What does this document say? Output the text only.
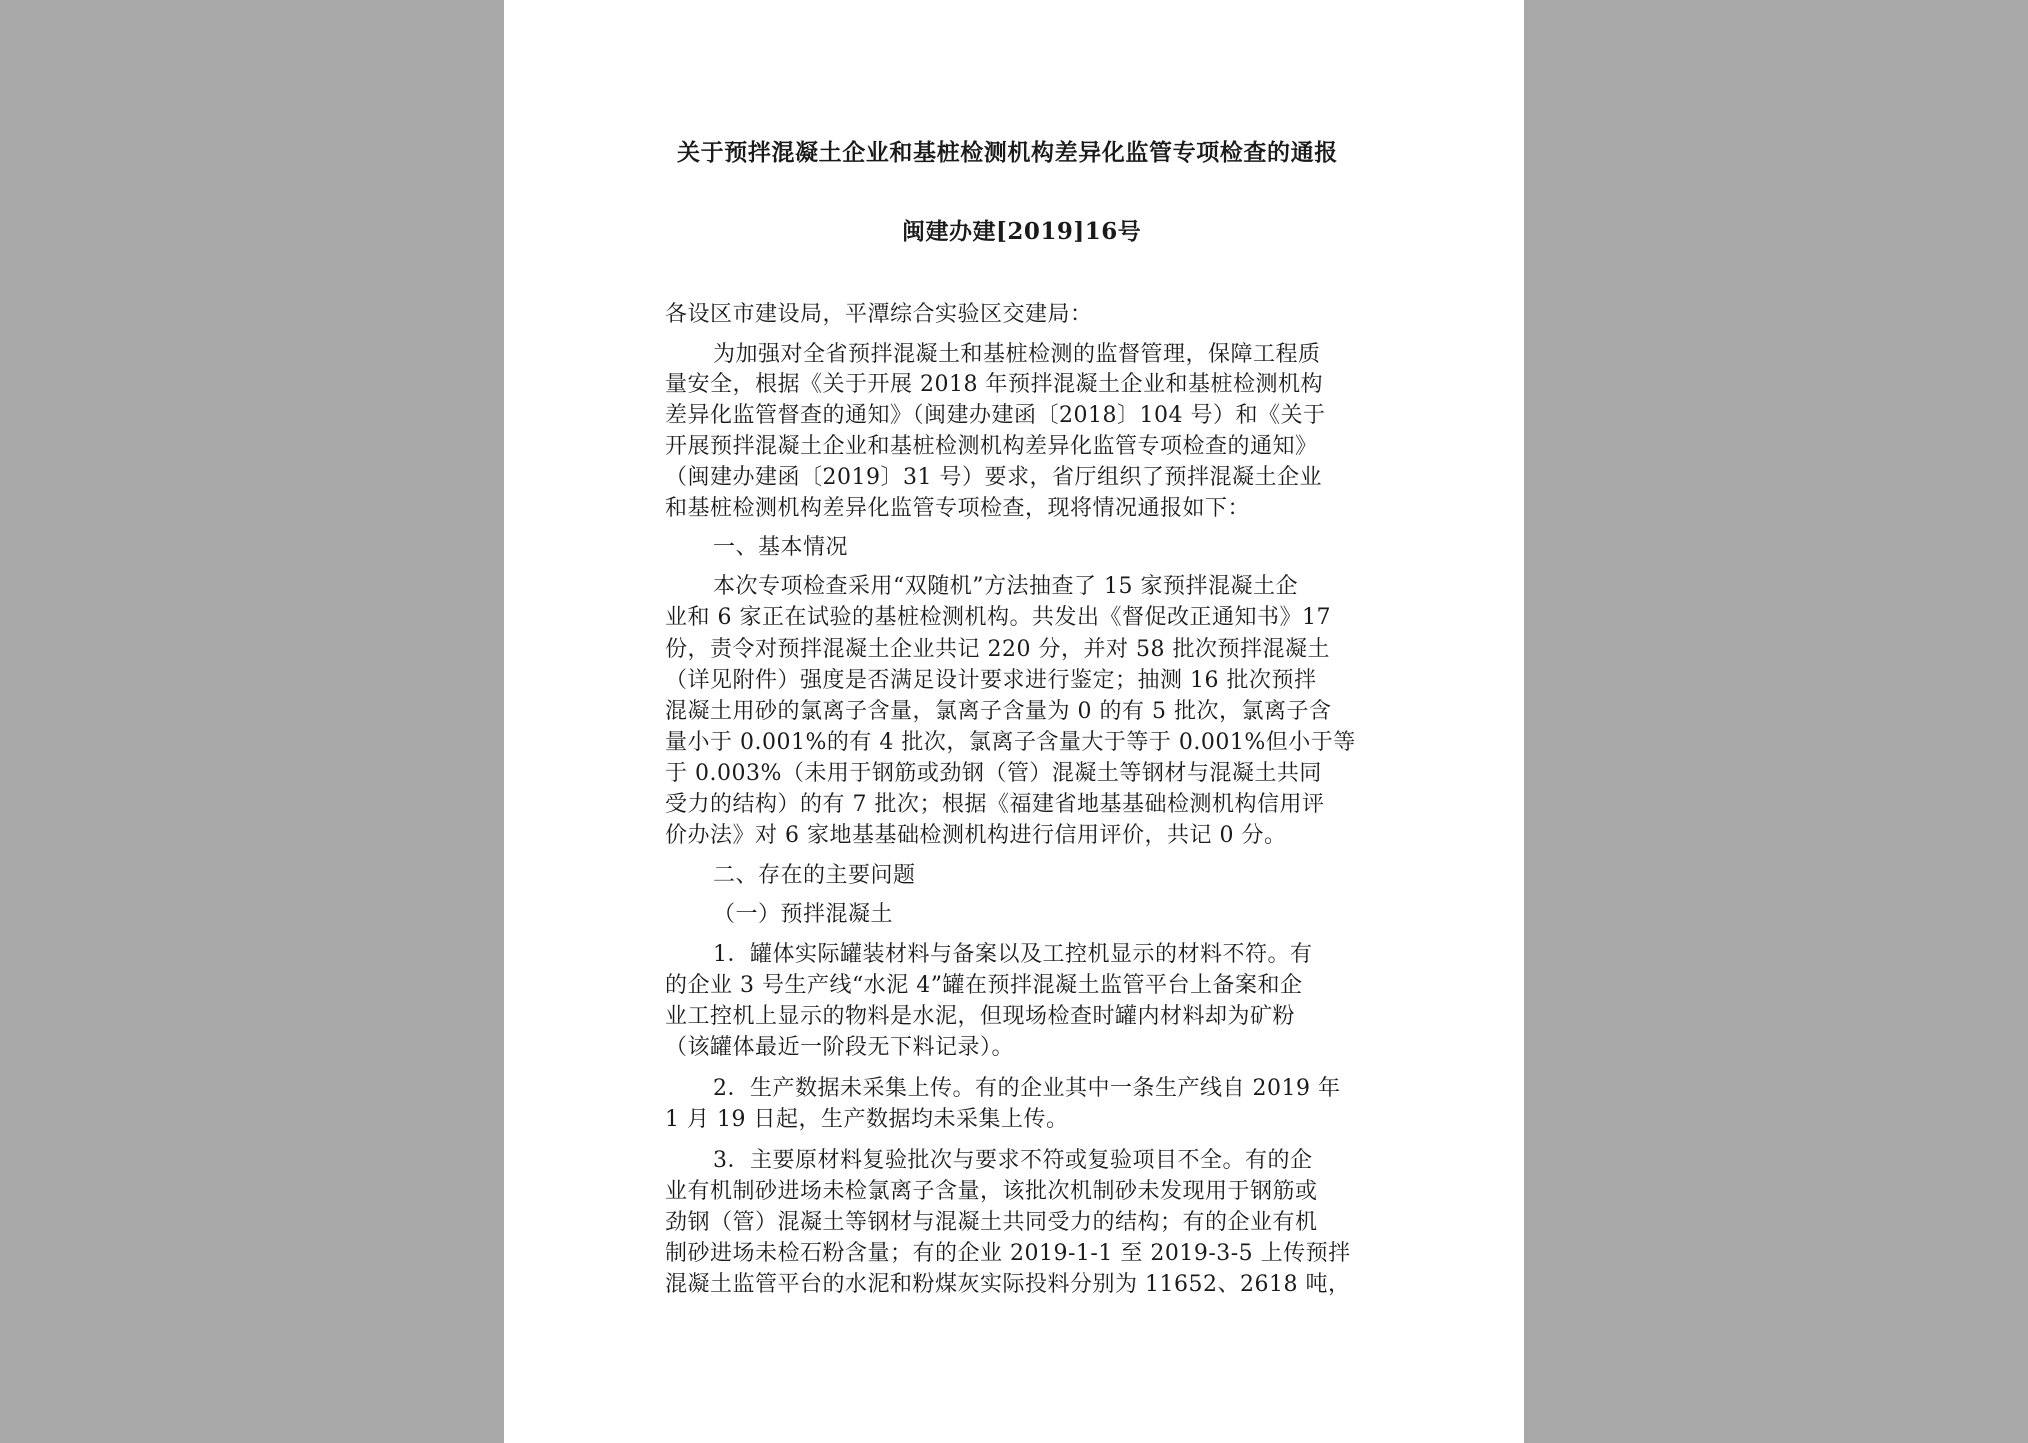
关于预拌混凝土企业和基桩检测机构差异化监管专项检查的通报
闽建办建[2019]16号
各设区市建设局，平潭综合实验区交建局：
为加强对全省预拌混凝土和基桩检测的监督管理，保障工程质
量安全，根据《关于开展 2018 年预拌混凝土企业和基桩检测机构
差异化监管督查的通知》（闽建办建函〔2018〕104 号）和《关于
开展预拌混凝土企业和基桩检测机构差异化监管专项检查的通知》
（闽建办建函〔2019〕31 号）要求，省厅组织了预拌混凝土企业
和基桩检测机构差异化监管专项检查，现将情况通报如下：
一、基本情况
本次专项检查采用“双随机”方法抽查了 15 家预拌混凝土企
业和 6 家正在试验的基桩检测机构。共发出《督促改正通知书》17
份，责令对预拌混凝土企业共记 220 分，并对 58 批次预拌混凝土
（详见附件）强度是否满足设计要求进行鉴定；抽测 16 批次预拌
混凝土用砂的氯离子含量，氯离子含量为 0 的有 5 批次，氯离子含
量小于 0.001%的有 4 批次，氯离子含量大于等于 0.001%但小于等
于 0.003%（未用于钢筋或劲钢（管）混凝土等钢材与混凝土共同
受力的结构）的有 7 批次；根据《福建省地基基础检测机构信用评
价办法》对 6 家地基基础检测机构进行信用评价，共记 0 分。
二、存在的主要问题
（一）预拌混凝土
1．罐体实际罐装材料与备案以及工控机显示的材料不符。有
的企业 3 号生产线“水泥 4”罐在预拌混凝土监管平台上备案和企
业工控机上显示的物料是水泥，但现场检查时罐内材料却为矿粉
（该罐体最近一阶段无下料记录）。
2．生产数据未采集上传。有的企业其中一条生产线自 2019 年
1 月 19 日起，生产数据均未采集上传。
3．主要原材料复验批次与要求不符或复验项目不全。有的企
业有机制砂进场未检氯离子含量，该批次机制砂未发现用于钢筋或
劲钢（管）混凝土等钢材与混凝土共同受力的结构；有的企业有机
制砂进场未检石粉含量；有的企业 2019-1-1 至 2019-3-5 上传预拌
混凝土监管平台的水泥和粉煤灰实际投料分别为 11652、2618 吨，
